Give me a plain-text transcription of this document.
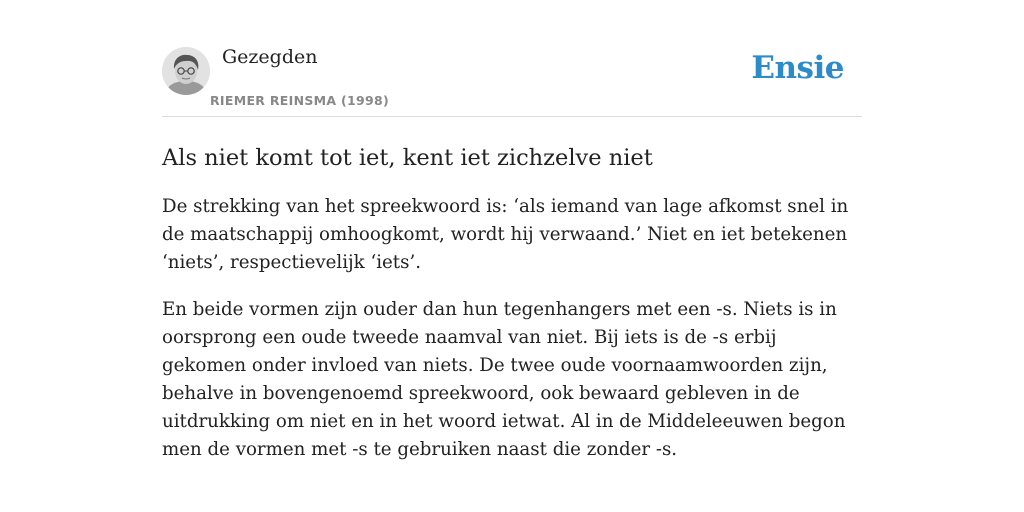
Gezegden
RIEMER REINSMA (1998)
Ensie
Als niet komt tot iet, kent iet zichzelve niet

De strekking van het spreekwoord is: ‘als iemand van lage afkomst snel in de maatschappij omhoogkomt, wordt hij verwaand.’ Niet en iet betekenen ‘niets’, respectievelijk ‘iets’.

En beide vormen zijn ouder dan hun tegenhangers met een -s. Niets is in oorsprong een oude tweede naamval van niet. Bij iets is de -s erbij gekomen onder invloed van niets. De twee oude voornaamwoorden zijn, behalve in bovengenoemd spreekwoord, ook bewaard gebleven in de uitdrukking om niet en in het woord ietwat. Al in de Middeleeuwen begon men de vormen met -s te gebruiken naast die zonder -s.
